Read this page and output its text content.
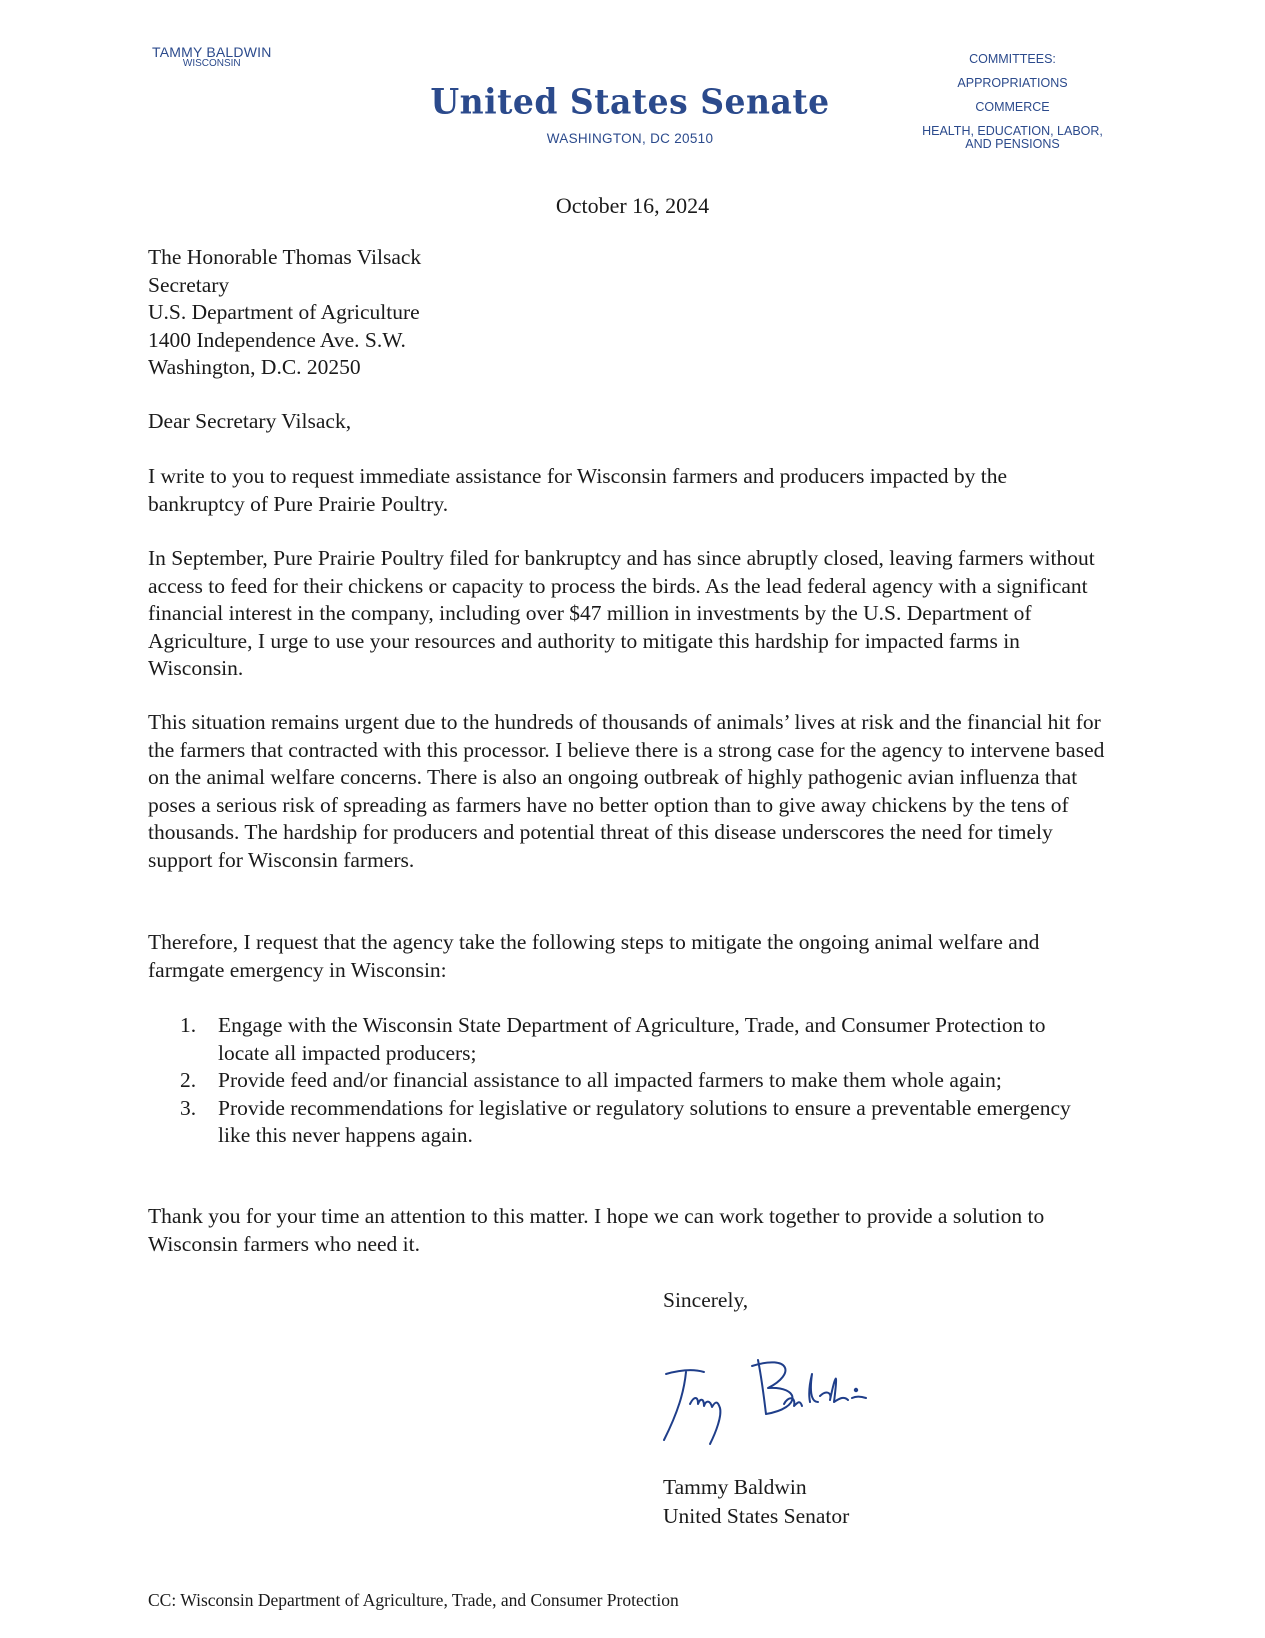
TAMMY BALDWIN
WISCONSIN
United States Senate
WASHINGTON, DC 20510
COMMITTEES:
APPROPRIATIONS
COMMERCE
HEALTH, EDUCATION, LABOR, AND PENSIONS
October 16, 2024
The Honorable Thomas Vilsack
Secretary
U.S. Department of Agriculture
1400 Independence Ave. S.W.
Washington, D.C. 20250
Dear Secretary Vilsack,

I write to you to request immediate assistance for Wisconsin farmers and producers impacted by the bankruptcy of Pure Prairie Poultry.

In September, Pure Prairie Poultry filed for bankruptcy and has since abruptly closed, leaving farmers without access to feed for their chickens or capacity to process the birds. As the lead federal agency with a significant financial interest in the company, including over $47 million in investments by the U.S. Department of Agriculture, I urge to use your resources and authority to mitigate this hardship for impacted farms in Wisconsin.

This situation remains urgent due to the hundreds of thousands of animals’ lives at risk and the financial hit for the farmers that contracted with this processor. I believe there is a strong case for the agency to intervene based on the animal welfare concerns. There is also an ongoing outbreak of highly pathogenic avian influenza that poses a serious risk of spreading as farmers have no better option than to give away chickens by the tens of thousands. The hardship for producers and potential threat of this disease underscores the need for timely support for Wisconsin farmers.

Therefore, I request that the agency take the following steps to mitigate the ongoing animal welfare and farmgate emergency in Wisconsin:

1. Engage with the Wisconsin State Department of Agriculture, Trade, and Consumer Protection to locate all impacted producers;
2. Provide feed and/or financial assistance to all impacted farmers to make them whole again;
3. Provide recommendations for legislative or regulatory solutions to ensure a preventable emergency like this never happens again.

Thank you for your time an attention to this matter. I hope we can work together to provide a solution to Wisconsin farmers who need it.

Sincerely,
Tammy Baldwin
United States Senator
CC: Wisconsin Department of Agriculture, Trade, and Consumer Protection
